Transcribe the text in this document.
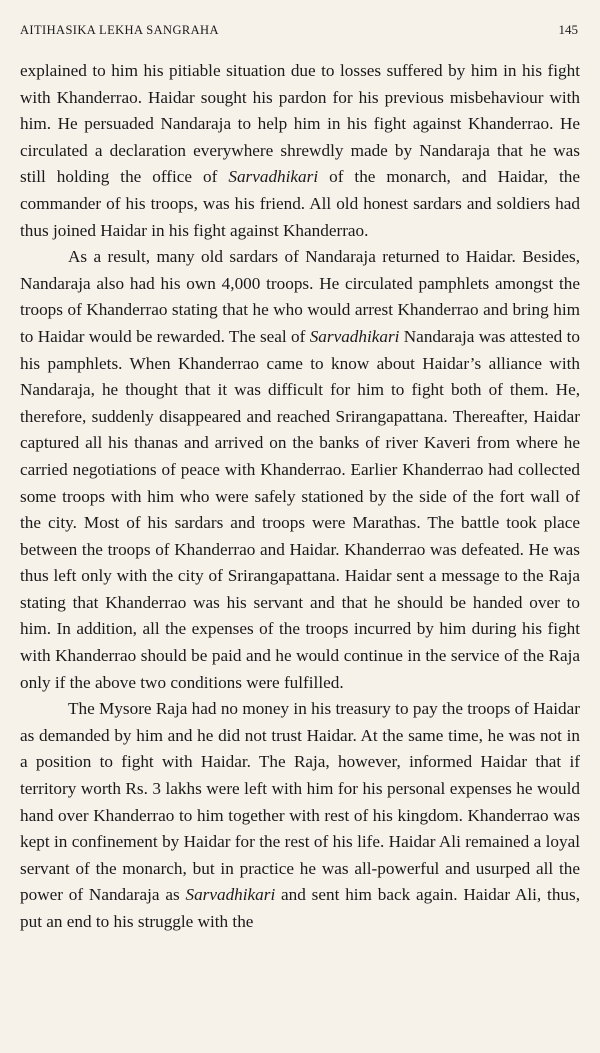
AITIHASIKA LEKHA SANGRAHA	145

explained to him his pitiable situation due to losses suffered by him in his fight with Khanderrao. Haidar sought his pardon for his previous misbehaviour with him. He persuaded Nandaraja to help him in his fight against Khanderrao. He circulated a declaration everywhere shrewdly made by Nandaraja that he was still holding the office of Sarvadhikari of the monarch, and Haidar, the commander of his troops, was his friend. All old honest sardars and soldiers had thus joined Haidar in his fight against Khanderrao.

As a result, many old sardars of Nandaraja returned to Haidar. Besides, Nandaraja also had his own 4,000 troops. He circulated pamphlets amongst the troops of Khanderrao stating that he who would arrest Khanderrao and bring him to Haidar would be rewarded. The seal of Sarvadhikari Nandaraja was attested to his pamphlets. When Khanderrao came to know about Haidar’s alliance with Nandaraja, he thought that it was difficult for him to fight both of them. He, therefore, suddenly disappeared and reached Srirangapattana. Thereafter, Haidar captured all his thanas and arrived on the banks of river Kaveri from where he carried negotiations of peace with Khanderrao. Earlier Khanderrao had collected some troops with him who were safely stationed by the side of the fort wall of the city. Most of his sardars and troops were Marathas. The battle took place between the troops of Khanderrao and Haidar. Khanderrao was defeated. He was thus left only with the city of Srirangapattana. Haidar sent a message to the Raja stating that Khanderrao was his servant and that he should be handed over to him. In addition, all the expenses of the troops incurred by him during his fight with Khanderrao should be paid and he would continue in the service of the Raja only if the above two conditions were fulfilled.

The Mysore Raja had no money in his treasury to pay the troops of Haidar as demanded by him and he did not trust Haidar. At the same time, he was not in a position to fight with Haidar. The Raja, however, informed Haidar that if territory worth Rs. 3 lakhs were left with him for his personal expenses he would hand over Khanderrao to him together with rest of his kingdom. Khanderrao was kept in confinement by Haidar for the rest of his life. Haidar Ali remained a loyal servant of the monarch, but in practice he was all-powerful and usurped all the power of Nandaraja as Sarvadhikari and sent him back again. Haidar Ali, thus, put an end to his struggle with the
